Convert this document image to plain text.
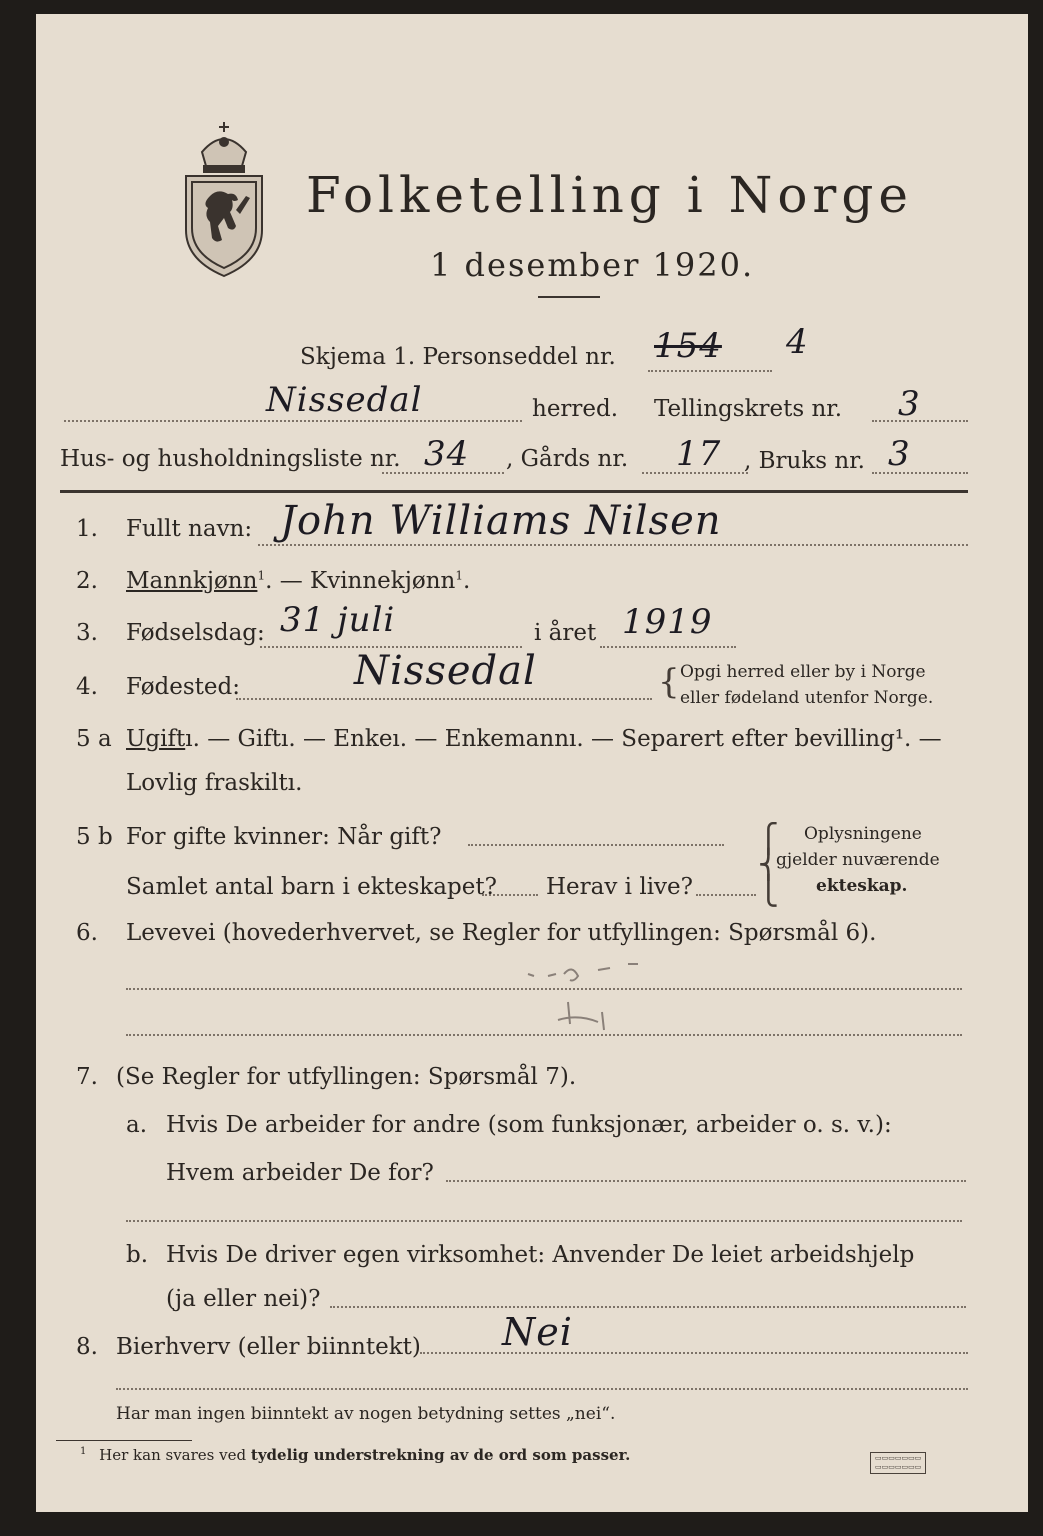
Folketelling i Norge
1 desember 1920.
Skjema 1. Personseddel nr. 154 4
Nissedal	herred. Tellingskrets nr. 3
Hus- og husholdningsliste nr. 34 , Gårds nr. 17 , Bruks nr. 3
1. Fullt navn: John Williams Nilsen
2. Mannkjønn$^1$. — Kvinnekjønn$^1$.
3. Fødselsdag: 31 juli	i året 1919
4. Fødested:	Nissedal	{ Opgi herred eller by i Norge
eller fødeland utenfor Norge.
5 a Ugiftı. — Giftı. — Enkeı. — Enkemannı. — Separert efter bevilling¹. —
Lovlig fraskiltı.
5 b For gifte kvinner: Når gift?
Samlet antal barn i ekteskapet? Herav i live?
⎧
⎨
⎩
Oplysningene
gjelder nuværende
ekteskap.
6. Levevei (hovederhvervet, se Regler for utfyllingen: Spørsmål 6).
7. (Se Regler for utfyllingen: Spørsmål 7).
a. Hvis De arbeider for andre (som funksjonær, arbeider o. s. v.):
Hvem arbeider De for?
b. Hvis De driver egen virksomhet: Anvender De leiet arbeidshjelp
(ja eller nei)?
8. Bierhverv (eller biinntekt) Nei
Har man ingen biinntekt av nogen betydning settes „nei“.
$^1$ Her kan svares ved tydelig understrekning av de ord som passer.	▭▭▭▭▭▭▭
▭▭▭▭▭▭▭
